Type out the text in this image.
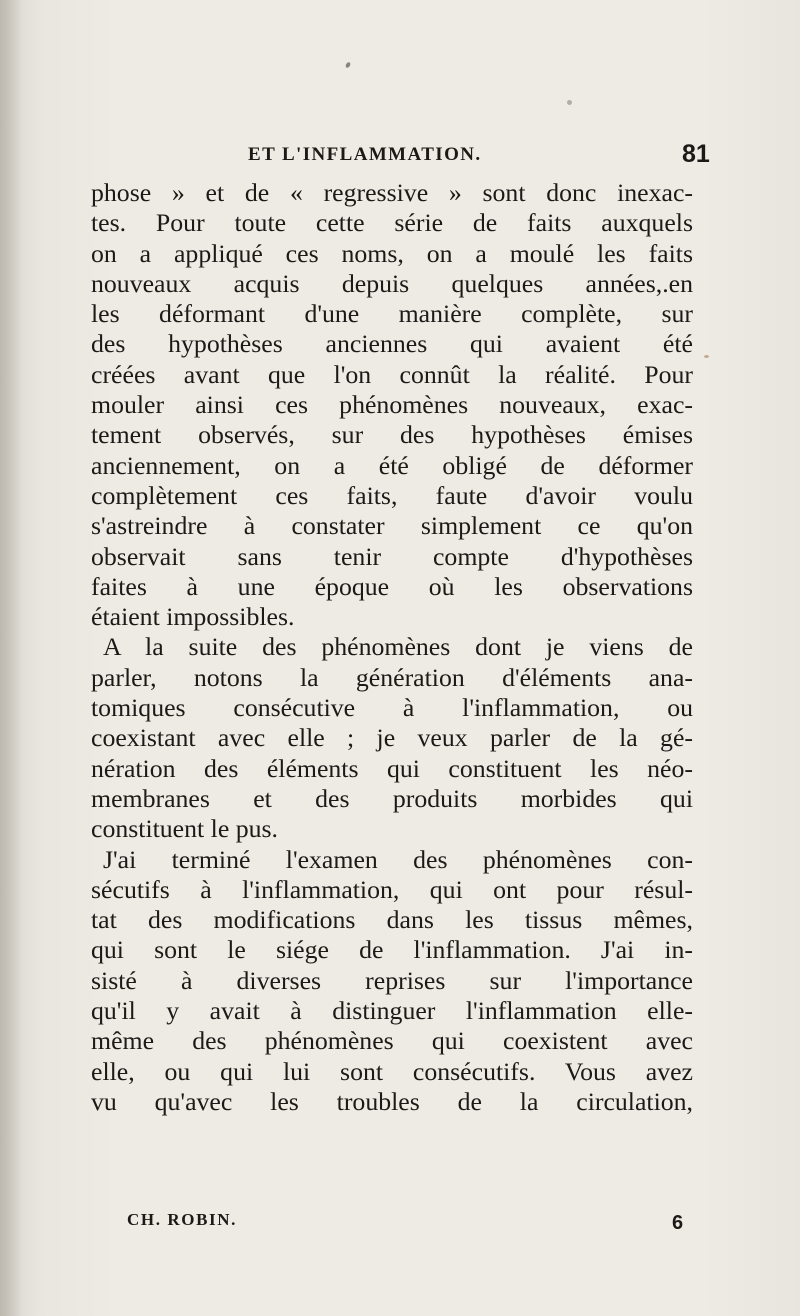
ET L'INFLAMMATION.	81
phose » et de « regressive » sont donc inexac-
tes. Pour toute cette série de faits auxquels
on a appliqué ces noms, on a moulé les faits
nouveaux acquis depuis quelques années,.en
les déformant d'une manière complète, sur
des hypothèses anciennes qui avaient été
créées avant que l'on connût la réalité. Pour
mouler ainsi ces phénomènes nouveaux, exac-
tement observés, sur des hypothèses émises
anciennement, on a été obligé de déformer
complètement ces faits, faute d'avoir voulu
s'astreindre à constater simplement ce qu'on
observait sans tenir compte d'hypothèses
faites à une époque où les observations
étaient impossibles.
A la suite des phénomènes dont je viens de
parler, notons la génération d'éléments ana-
tomiques consécutive à l'inflammation, ou
coexistant avec elle ; je veux parler de la gé-
nération des éléments qui constituent les néo-
membranes et des produits morbides qui
constituent le pus.
J'ai terminé l'examen des phénomènes con-
sécutifs à l'inflammation, qui ont pour résul-
tat des modifications dans les tissus mêmes,
qui sont le siége de l'inflammation. J'ai in-
sisté à diverses reprises sur l'importance
qu'il y avait à distinguer l'inflammation elle-
même des phénomènes qui coexistent avec
elle, ou qui lui sont consécutifs. Vous avez
vu qu'avec les troubles de la circulation,
CH. ROBIN.	6
